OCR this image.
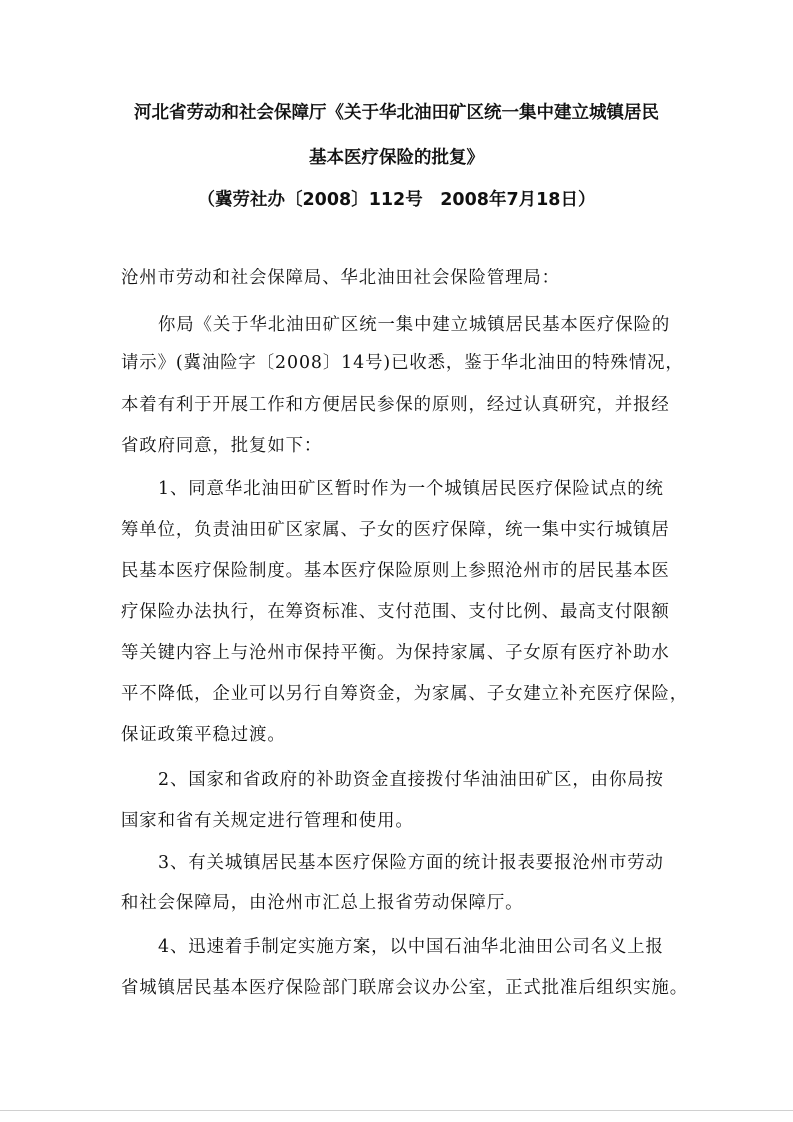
河北省劳动和社会保障厅《关于华北油田矿区统一集中建立城镇居民
基本医疗保险的批复》
（冀劳社办〔2008〕112号　2008年7月18日）
沧州市劳动和社会保障局、华北油田社会保险管理局：
你局《关于华北油田矿区统一集中建立城镇居民基本医疗保险的
请示》(冀油险字〔2008〕14号)已收悉，鉴于华北油田的特殊情况，
本着有利于开展工作和方便居民参保的原则，经过认真研究，并报经
省政府同意，批复如下：
1、同意华北油田矿区暂时作为一个城镇居民医疗保险试点的统
筹单位，负责油田矿区家属、子女的医疗保障，统一集中实行城镇居
民基本医疗保险制度。基本医疗保险原则上参照沧州市的居民基本医
疗保险办法执行，在筹资标准、支付范围、支付比例、最高支付限额
等关键内容上与沧州市保持平衡。为保持家属、子女原有医疗补助水
平不降低，企业可以另行自筹资金，为家属、子女建立补充医疗保险，
保证政策平稳过渡。
2、国家和省政府的补助资金直接拨付华油油田矿区，由你局按
国家和省有关规定进行管理和使用。
3、有关城镇居民基本医疗保险方面的统计报表要报沧州市劳动
和社会保障局，由沧州市汇总上报省劳动保障厅。
4、迅速着手制定实施方案，以中国石油华北油田公司名义上报
省城镇居民基本医疗保险部门联席会议办公室，正式批准后组织实施。
